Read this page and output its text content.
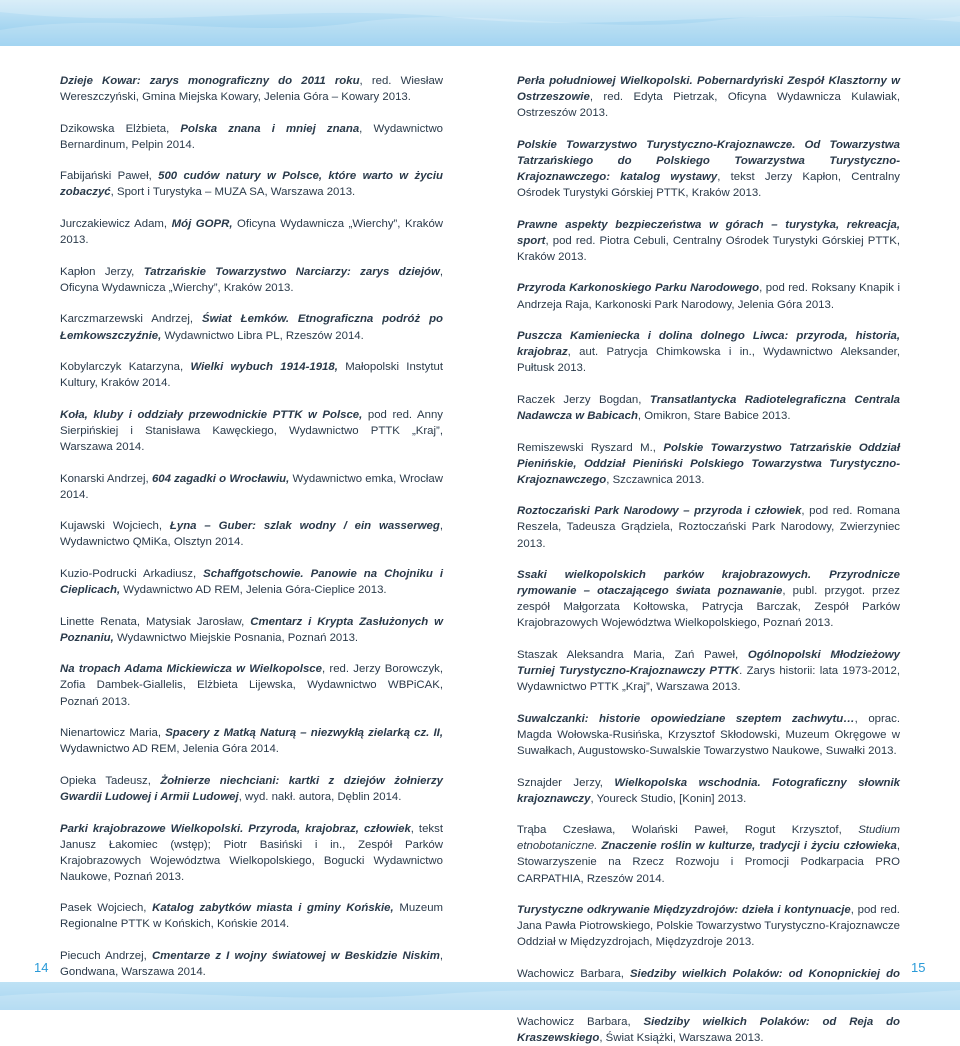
Dzieje Kowar: zarys monograficzny do 2011 roku, red. Wiesław Wereszczyński, Gmina Miejska Kowary, Jelenia Góra – Kowary 2013.

Dzikowska Elżbieta, Polska znana i mniej znana, Wydawnictwo Bernardinum, Pelpin 2014.

Fabijański Paweł, 500 cudów natury w Polsce, które warto w życiu zobaczyć, Sport i Turystyka – MUZA SA, Warszawa 2013.

Jurczakiewicz Adam, Mój GOPR, Oficyna Wydawnicza „Wierchy”, Kraków 2013.

Kapłon Jerzy, Tatrzańskie Towarzystwo Narciarzy: zarys dziejów, Oficyna Wydawnicza „Wierchy”, Kraków 2013.

Karczmarzewski Andrzej, Świat Łemków. Etnograficzna podróż po Łemkowszczyźnie, Wydawnictwo Libra PL, Rzeszów 2014.

Kobylarczyk Katarzyna, Wielki wybuch 1914-1918, Małopolski Instytut Kultury, Kraków 2014.

Koła, kluby i oddziały przewodnickie PTTK w Polsce, pod red. Anny Sierpińskiej i Stanisława Kawęckiego, Wydawnictwo PTTK „Kraj”, Warszawa 2014.

Konarski Andrzej, 604 zagadki o Wrocławiu, Wydawnictwo emka, Wrocław 2014.

Kujawski Wojciech, Łyna – Guber: szlak wodny / ein wasserweg, Wydawnictwo QMiKa, Olsztyn 2014.

Kuzio-Podrucki Arkadiusz, Schaffgotschowie. Panowie na Chojniku i Cieplicach, Wydawnictwo AD REM, Jelenia Góra-Cieplice 2013.

Linette Renata, Matysiak Jarosław, Cmentarz i Krypta Zasłużonych w Poznaniu, Wydawnictwo Miejskie Posnania, Poznań 2013.

Na tropach Adama Mickiewicza w Wielkopolsce, red. Jerzy Borowczyk, Zofia Dambek-Giallelis, Elżbieta Lijewska, Wydawnictwo WBPiCAK, Poznań 2013.

Nienartowicz Maria, Spacery z Matką Naturą – niezwykłą zielarką cz. II, Wydawnictwo AD REM, Jelenia Góra 2014.

Opieka Tadeusz, Żołnierze niechciani: kartki z dziejów żołnierzy Gwardii Ludowej i Armii Ludowej, wyd. nakł. autora, Dęblin 2014.

Parki krajobrazowe Wielkopolski. Przyroda, krajobraz, człowiek, tekst Janusz Łakomiec (wstęp); Piotr Basiński i in., Zespół Parków Krajobrazowych Województwa Wielkopolskiego, Bogucki Wydawnictwo Naukowe, Poznań 2013.

Pasek Wojciech, Katalog zabytków miasta i gminy Końskie, Muzeum Regionalne PTTK w Końskich, Końskie 2014.

Piecuch Andrzej, Cmentarze z I wojny światowej w Beskidzie Niskim, Gondwana, Warszawa 2014.

Perła południowej Wielkopolski. Pobernardyński Zespół Klasztorny w Ostrzeszowie, red. Edyta Pietrzak, Oficyna Wydawnicza Kulawiak, Ostrzeszów 2013.

Polskie Towarzystwo Turystyczno-Krajoznawcze. Od Towarzystwa Tatrzańskiego do Polskiego Towarzystwa Turystyczno-Krajoznawczego: katalog wystawy, tekst Jerzy Kapłon, Centralny Ośrodek Turystyki Górskiej PTTK, Kraków 2013.

Prawne aspekty bezpieczeństwa w górach – turystyka, rekreacja, sport, pod red. Piotra Cebuli, Centralny Ośrodek Turystyki Górskiej PTTK, Kraków 2013.

Przyroda Karkonoskiego Parku Narodowego, pod red. Roksany Knapik i Andrzeja Raja, Karkonoski Park Narodowy, Jelenia Góra 2013.

Puszcza Kamieniecka i dolina dolnego Liwca: przyroda, historia, krajobraz, aut. Patrycja Chimkowska i in., Wydawnictwo Aleksander, Pułtusk 2013.

Raczek Jerzy Bogdan, Transatlantycka Radiotelegraficzna Centrala Nadawcza w Babicach, Omikron, Stare Babice 2013.

Remiszewski Ryszard M., Polskie Towarzystwo Tatrzańskie Oddział Pienińskie, Oddział Pieniński Polskiego Towarzystwa Turystyczno-Krajoznawczego, Szczawnica 2013.

Roztoczański Park Narodowy – przyroda i człowiek, pod red. Romana Reszela, Tadeusza Grądziela, Roztoczański Park Narodowy, Zwierzyniec 2013.

Ssaki wielkopolskich parków krajobrazowych. Przyrodnicze rymowanie – otaczającego świata poznawanie, publ. przygot. przez zespół Małgorzata Kołtowska, Patrycja Barczak, Zespół Parków Krajobrazowych Województwa Wielkopolskiego, Poznań 2013.

Staszak Aleksandra Maria, Zań Paweł, Ogólnopolski Młodzieżowy Turniej Turystyczno-Krajoznawczy PTTK. Zarys historii: lata 1973-2012, Wydawnictwo PTTK „Kraj”, Warszawa 2013.

Suwalczanki: historie opowiedziane szeptem zachwytu…, oprac. Magda Wołowska-Rusińska, Krzysztof Skłodowski, Muzeum Okręgowe w Suwałkach, Augustowsko-Suwalskie Towarzystwo Naukowe, Suwałki 2013.

Sznajder Jerzy, Wielkopolska wschodnia. Fotograficzny słownik krajoznawczy, Youreck Studio, [Konin] 2013.

Trąba Czesława, Wolański Paweł, Rogut Krzysztof, Studium etnobotaniczne. Znaczenie roślin w kulturze, tradycji i życiu człowieka, Stowarzyszenie na Rzecz Rozwoju i Promocji Podkarpacia PRO CARPATHIA, Rzeszów 2014.

Turystyczne odkrywanie Międzyzdrojów: dzieła i kontynuacje, pod red. Jana Pawła Piotrowskiego, Polskie Towarzystwo Turystyczno-Krajoznawcze Oddział w Międzyzdrojach, Międzyzdroje 2013.

Wachowicz Barbara, Siedziby wielkich Polaków: od Konopnickiej do

Wachowicz Barbara, Siedziby wielkich Polaków: od Reja do Kraszewskiego, Świat Książki, Warszawa 2013.

14	15
